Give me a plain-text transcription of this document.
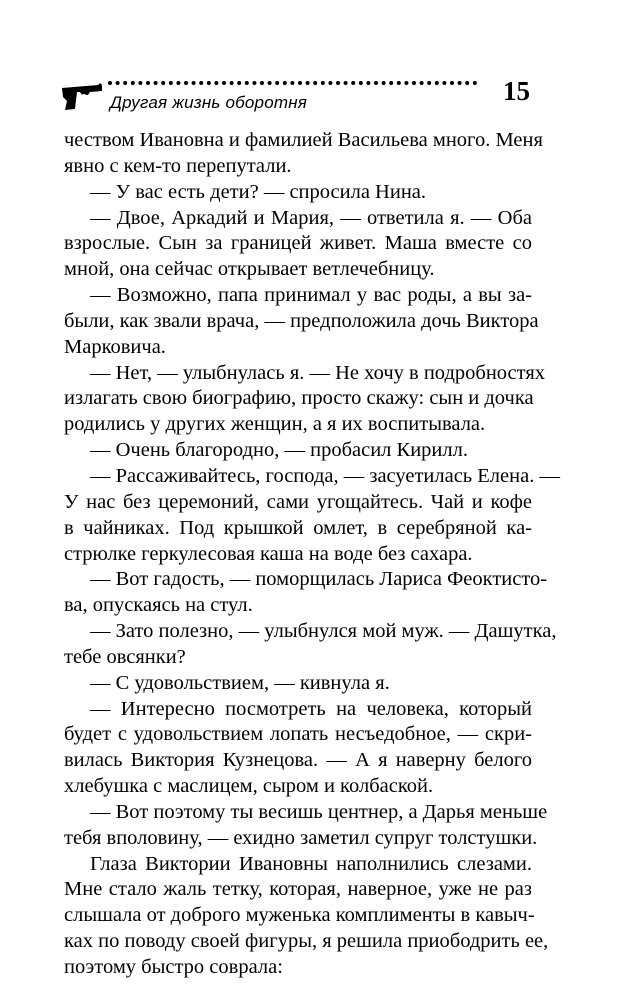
Другая жизнь оборотня	15
чеством Ивановна и фамилией Васильева много. Меня
явно с кем-то перепутали.
— У вас есть дети? — спросила Нина.
— Двое, Аркадий и Мария, — ответила я. — Оба
взрослые. Сын за границей живет. Маша вместе со
мной, она сейчас открывает ветлечебницу.
— Возможно, папа принимал у вас роды, а вы за-
были, как звали врача, — предположила дочь Виктора
Марковича.
— Нет, — улыбнулась я. — Не хочу в подробностях
излагать свою биографию, просто скажу: сын и дочка
родились у других женщин, а я их воспитывала.
— Очень благородно, — пробасил Кирилл.
— Рассаживайтесь, господа, — засуетилась Елена. —
У нас без церемоний, сами угощайтесь. Чай и кофе
в чайниках. Под крышкой омлет, в серебряной ка-
стрюлке геркулесовая каша на воде без сахара.
— Вот гадость, — поморщилась Лариса Феоктисто-
ва, опускаясь на стул.
— Зато полезно, — улыбнулся мой муж. — Дашутка,
тебе овсянки?
— С удовольствием, — кивнула я.
— Интересно посмотреть на человека, который
будет с удовольствием лопать несъедобное, — скри-
вилась Виктория Кузнецова. — А я наверну белого
хлебушка с маслицем, сыром и колбаской.
— Вот поэтому ты весишь центнер, а Дарья меньше
тебя вполовину, — ехидно заметил супруг толстушки.
Глаза Виктории Ивановны наполнились слезами.
Мне стало жаль тетку, которая, наверное, уже не раз
слышала от доброго муженька комплименты в кавыч-
ках по поводу своей фигуры, я решила приободрить ее,
поэтому быстро соврала:
